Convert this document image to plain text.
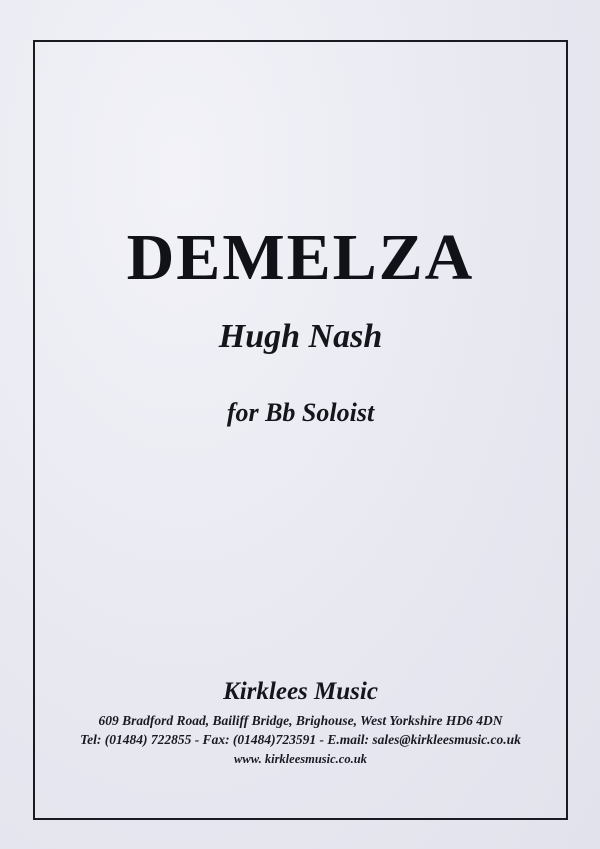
DEMELZA
Hugh Nash
for Bb Soloist
Kirklees Music
609 Bradford Road, Bailiff Bridge, Brighouse, West Yorkshire HD6 4DN
Tel: (01484) 722855 - Fax: (01484)723591 - E.mail: sales@kirkleesmusic.co.uk
www. kirkleesmusic.co.uk
